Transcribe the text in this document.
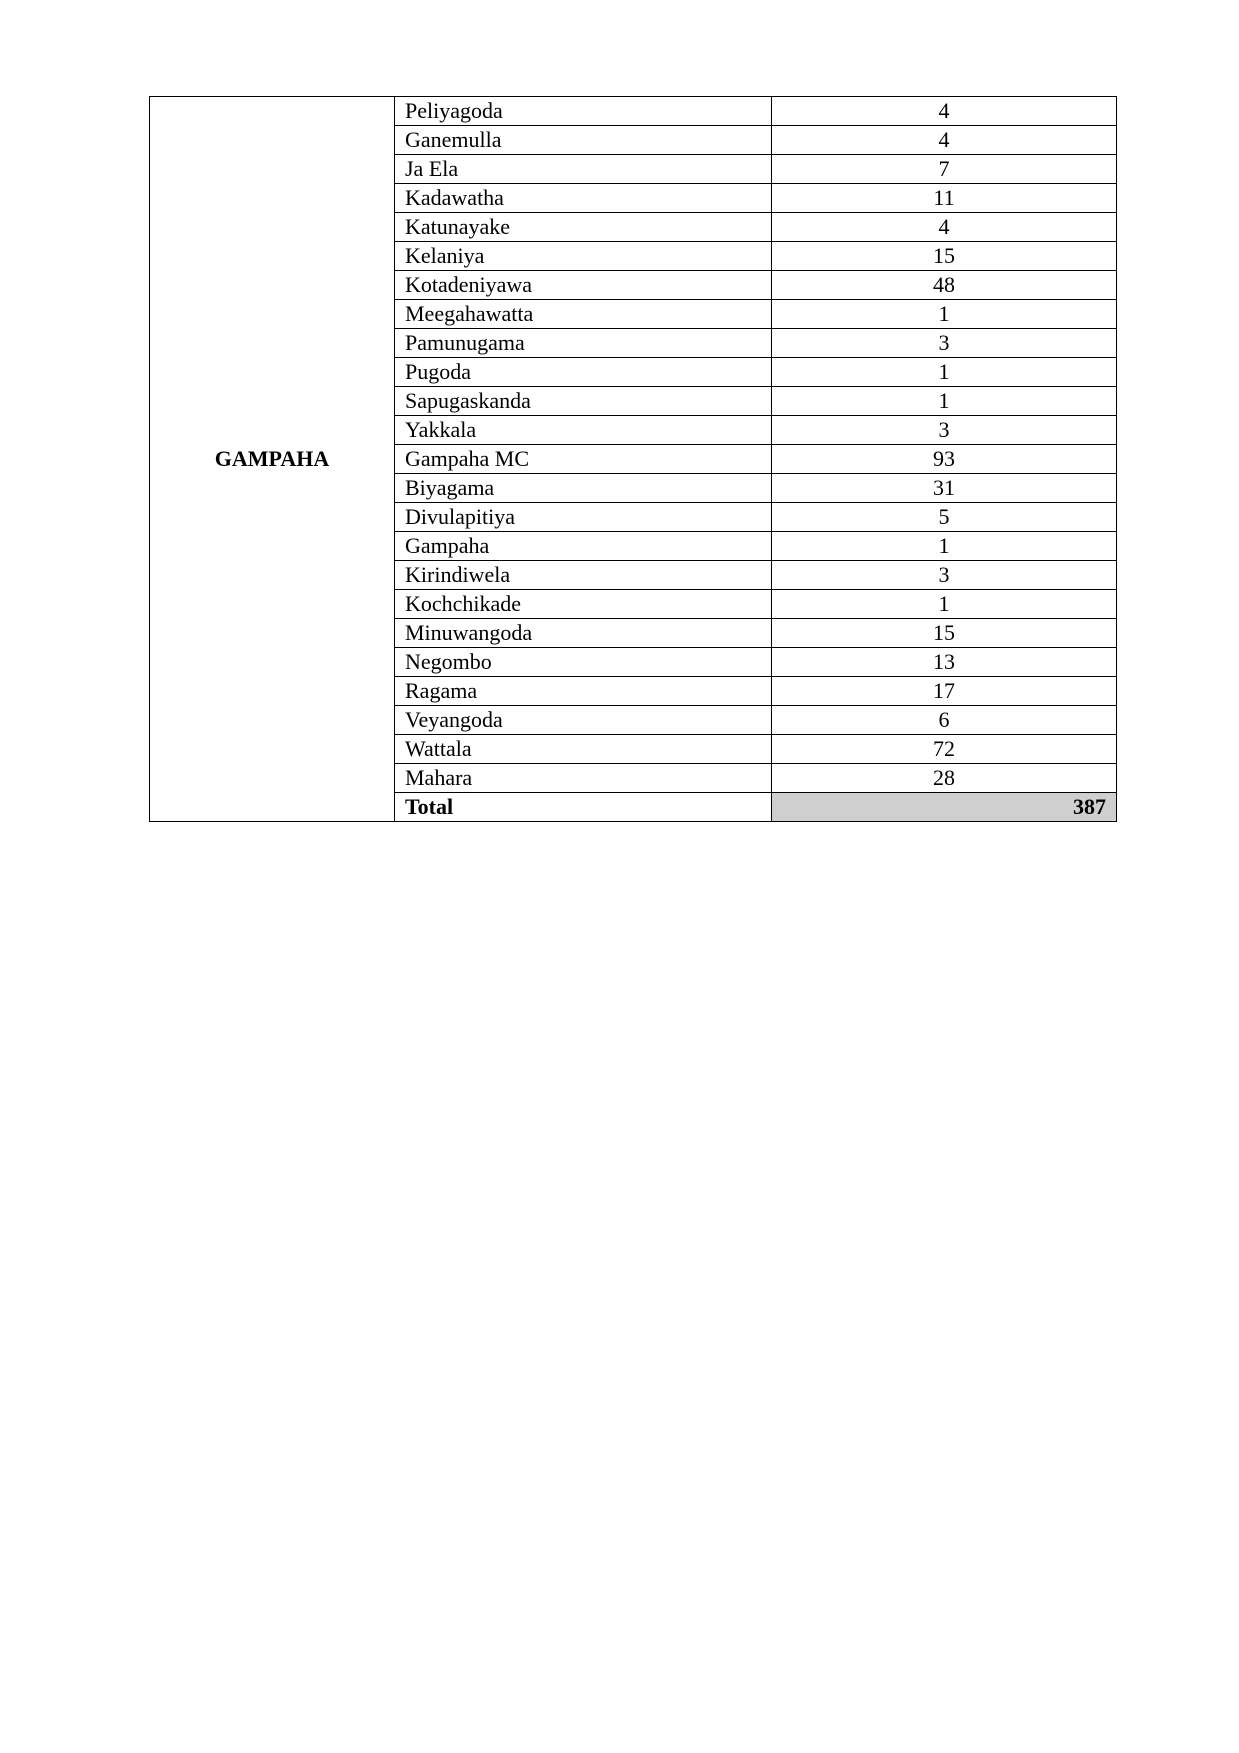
GAMPAHA	Peliyagoda	4
	Ganemulla	4
	Ja Ela	7
	Kadawatha	11
	Katunayake	4
	Kelaniya	15
	Kotadeniyawa	48
	Meegahawatta	1
	Pamunugama	3
	Pugoda	1
	Sapugaskanda	1
	Yakkala	3
	Gampaha MC	93
	Biyagama	31
	Divulapitiya	5
	Gampaha	1
	Kirindiwela	3
	Kochchikade	1
	Minuwangoda	15
	Negombo	13
	Ragama	17
	Veyangoda	6
	Wattala	72
	Mahara	28
	Total	387
